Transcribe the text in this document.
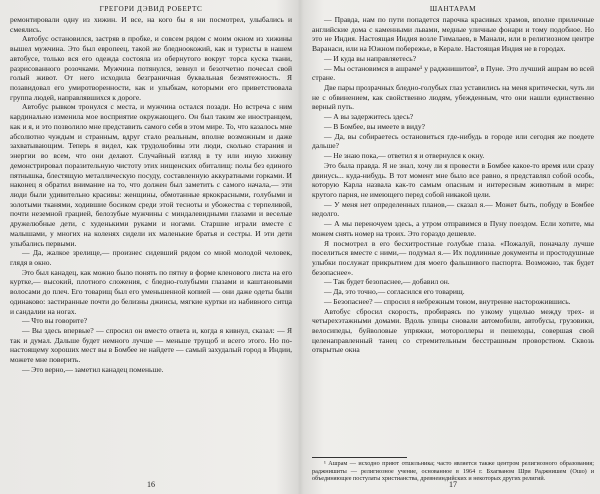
ГРЕГОРИ ДЭВИД РОБЕРТС

ремонтировали одну из хижин. И все, на кого бы я ни посмотрел, улыбались и смеялись.

Автобус остановился, застряв в пробке, и совсем рядом с моим окном из хижины вышел мужчина. Это был европеец, такой же бледноокожий, как и туристы в нашем автобусе, только вся его одежда состояла из обернутого вокруг торса куска ткани, разрисованного розочками. Мужчина потянулся, зевнул и безотчетно почесал свой голый живот. От него исходила безграничная буквальная безмятежность. Я позавидовал его умиротворенности, как и улыбкам, которыми его приветствовала группа людей, направлявшихся к дороге.

Автобус рывком тронулся с места, и мужчина остался позади. Но встреча с ним кардинально изменила мое восприятие окружающего. Он был таким же иностранцем, как и я, и это позволило мне представить самого себя в этом мире. То, что казалось мне абсолютно чуждым и странным, вдруг стало реальным, вполне возможным и даже захватывающим. Теперь я видел, как трудолюбивы эти люди, сколько старания и энергии во всем, что они делают. Случайный взгляд в ту или иную хижину демонстрировал поразительную чистоту этих нищенских обиталищ: полы без единого пятнышка, блестящую металлическую посуду, составленную аккуратными горками. И наконец я обратил внимание на то, что должен был заметить с самого начала,— эти люди были удивительно красивы: женщины, обмотанные яркокрасными, голубыми и золотыми тканями, ходившие босиком среди этой тесноты и убожества с терпеливой, почти неземной грацией, белозубые мужчины с миндалевидными глазами и веселые дружелюбные дети, с худенькими руками и ногами. Старшие играли вместе с малышами, у многих на коленях сидели их маленькие братья и сестры. И эти дети улыбались первыми.

— Да, жалкое зрелище,— произнес сидевший рядом со мной молодой человек, глядя в окно.

Это был канадец, как можно было понять по пятну в форме кленового листа на его куртке,— высокий, плотного сложения, с бледно-голубыми глазами и каштановыми волосами до плеч. Его товарищ был его уменьшенной копией — они даже одеты были одинаково: застиранные почти до белизны джинсы, мягкие куртки из набивного ситца и сандалии на ногах.

— Что вы говорите?

— Вы здесь впервые? — спросил он вместо ответа и, когда я кивнул, сказал: — Я так и думал. Дальше будет немного лучше — меньше трущоб и всего этого. Но по-настоящему хороших мест вы в Бомбее не найдете — самый захудалый город в Индии, можете мне поверить.

— Это верно,— заметил канадец поменьше.

16
ШАНТАРАМ

— Правда, нам по пути попадется парочка красивых храмов, вполне приличные английские дома с каменными львами, медные уличные фонари и тому подобное. Но это не Индия. Настоящая Индия возле Гималаев, в Манали, или в религиозном центре Варанаси, или на Южном побережье, в Керале. Настоящая Индия не в городах.

— И куда вы направляетесь?

— Мы остановимся в ашраме¹ у раджнишитов², в Пуне. Это лучший ашрам во всей стране.

Две пары прозрачных бледно-голубых глаз уставились на меня критически, чуть ли не с обвинением, как свойственно людям, убежденным, что они нашли единственно верный путь.

— А вы задержитесь здесь?

— В Бомбее, вы имеете в виду?

— Да, вы собираетесь остановиться где-нибудь в городе или сегодня же поедете дальше?

— Не знаю пока,— ответил я и отвернулся к окну.

Это была правда. Я не знал, хочу ли я провести в Бомбее какое-то время или сразу двинусь... куда-нибудь. В тот момент мне было все равно, я представлял собой особь, которую Карла назвала как-то самым опасным и интересным животным в мире: крутого парня, не имеющего перед собой никакой цели.

— У меня нет определенных планов,— сказал я.— Может быть, побуду в Бомбее недолго.

— А мы переночуем здесь, а утром отправимся в Пуну поездом. Если хотите, мы можем снять номер на троих. Это гораздо дешевле.

Я посмотрел в его бесхитростные голубые глаза. «Пожалуй, поначалу лучше поселиться вместе с ними,— подумал я.— Их подлинные документы и простодушные улыбки послужат прикрытием для моего фальшивого паспорта. Возможно, так будет безопаснее».

— Так будет безопаснее,— добавил он.

— Да, это точно,— согласился его товарищ.

— Безопаснее? — спросил я небрежным тоном, внутренне насторожившись.

Автобус сбросил скорость, пробираясь по узкому ущелью между трех- и четырехэтажными домами. Вдоль улицы сновали автомобили, автобусы, грузовики, велосипеды, буйволовые упряжки, мотороллеры и пешеходы, совершая свой целенаправленный танец со стремительным бесстрашным проворством. Сквозь открытые окна

¹ Ашрам — исходно приют отшельника; часто является также центром религиозного образования; раджнишиты — религиозное учение, основанное в 1964 г. Бхагваном Шри Раджнишем (Ошо) и объединяющее постулаты христианства, древнеиндийских и некоторых других религий.
17
